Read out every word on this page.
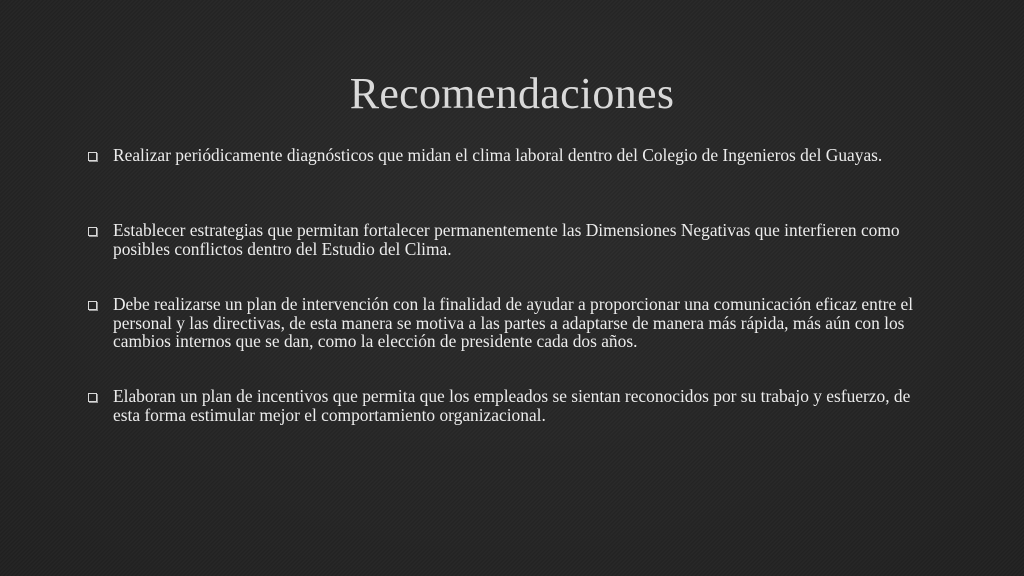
Recomendaciones
Realizar periódicamente diagnósticos que midan el clima laboral dentro del Colegio de Ingenieros del Guayas.
Establecer estrategias que permitan fortalecer permanentemente las Dimensiones Negativas que interfieren como posibles conflictos dentro del Estudio del Clima.
Debe realizarse un plan de intervención con la finalidad de ayudar a proporcionar una comunicación eficaz entre el personal y las directivas, de esta manera se motiva a las partes a adaptarse de manera más rápida, más aún con los cambios internos que se dan, como la elección de presidente cada dos años.
Elaboran un plan de incentivos que permita que los empleados se sientan reconocidos por su trabajo y esfuerzo, de esta forma estimular mejor el comportamiento organizacional.
